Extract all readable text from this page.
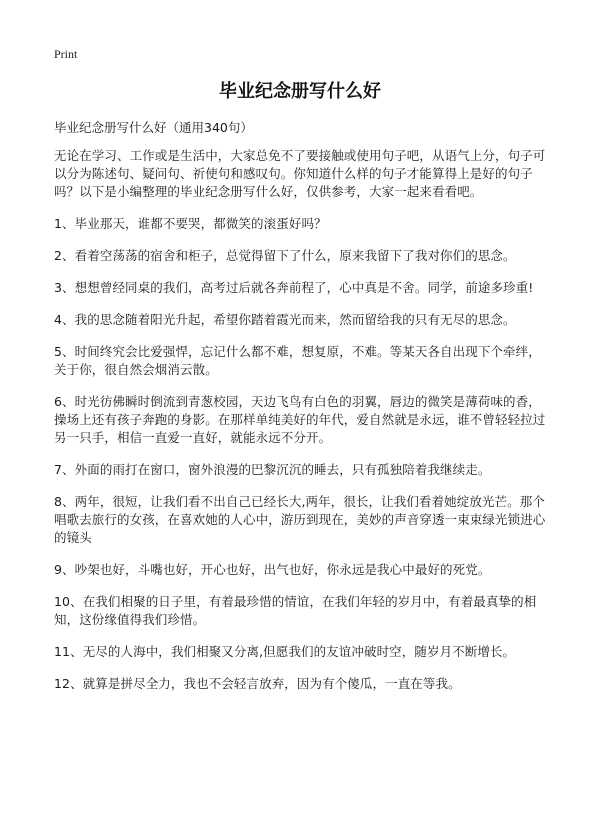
Print
毕业纪念册写什么好

毕业纪念册写什么好（通用340句）

无论在学习、工作或是生活中，大家总免不了要接触或使用句子吧，从语气上分，句子可以分为陈述句、疑问句、祈使句和感叹句。你知道什么样的句子才能算得上是好的句子吗？以下是小编整理的毕业纪念册写什么好，仅供参考，大家一起来看看吧。

1、毕业那天，谁都不要哭，都微笑的滚蛋好吗？

2、看着空荡荡的宿舍和柜子，总觉得留下了什么，原来我留下了我对你们的思念。

3、想想曾经同桌的我们，高考过后就各奔前程了，心中真是不舍。同学，前途多珍重!

4、我的思念随着阳光升起，希望你踏着霞光而来，然而留给我的只有无尽的思念。

5、时间终究会比爱强悍，忘记什么都不难，想复原，不难。等某天各自出现下个牵绊，关于你，很自然会烟消云散。

6、时光彷佛瞬时倒流到青葱校园，天边飞鸟有白色的羽翼，唇边的微笑是薄荷味的香，操场上还有孩子奔跑的身影。在那样单纯美好的年代，爱自然就是永远，谁不曾轻轻拉过另一只手，相信一直爱一直好，就能永远不分开。

7、外面的雨打在窗口，窗外浪漫的巴黎沉沉的睡去，只有孤独陪着我继续走。

8、两年，很短，让我们看不出自己已经长大,两年，很长，让我们看着她绽放光芒。那个唱歌去旅行的女孩，在喜欢她的人心中，游历到现在，美妙的声音穿透一束束绿光锁进心的镜头

9、吵架也好，斗嘴也好，开心也好，出气也好，你永远是我心中最好的死党。

10、在我们相聚的日子里，有着最珍惜的情谊，在我们年轻的岁月中，有着最真挚的相知，这份缘值得我们珍惜。

11、无尽的人海中，我们相聚又分离,但愿我们的友谊冲破时空，随岁月不断增长。

12、就算是拼尽全力，我也不会轻言放弃，因为有个傻瓜，一直在等我。
